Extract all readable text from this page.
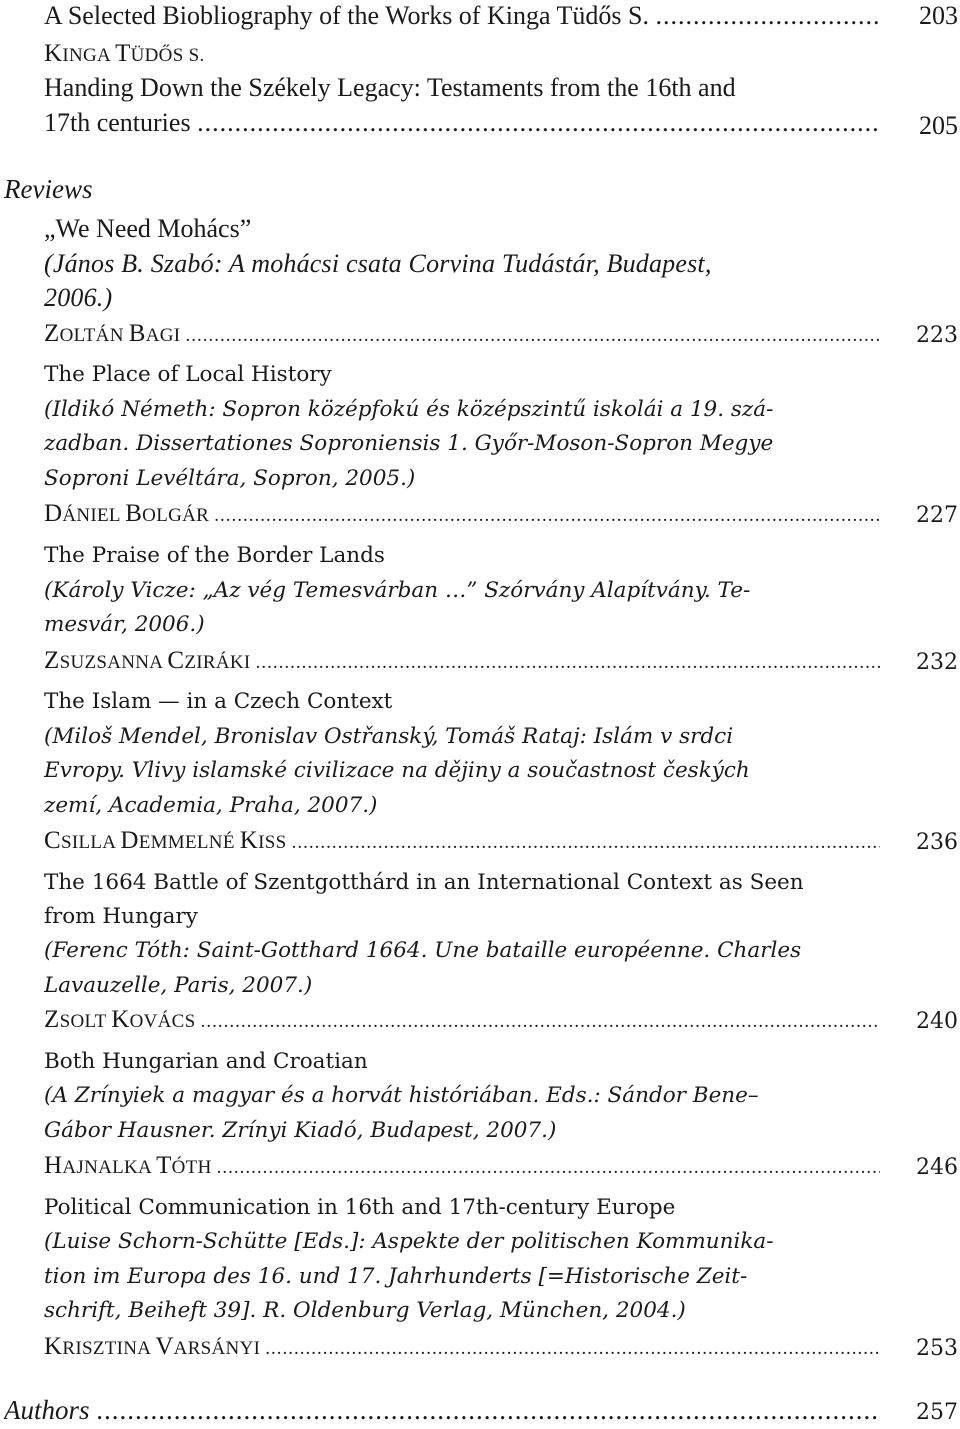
A Selected Biobliography of the Works of Kinga Tüdős S. .....	203
KINGA TÜDŐS S.
Handing Down the Székely Legacy: Testaments from the 16th and
17th centuries .....	205
Reviews
„We Need Mohács”
(János B. Szabó: A mohácsi csata Corvina Tudástár, Budapest,
2006.)
ZOLTÁN BAGI .....	223
The Place of Local History
(Ildikó Németh: Sopron középfokú és középszintű iskolái a 19. szá-
zadban. Dissertationes Soproniensis 1. Győr-Moson-Sopron Megye
Soproni Levéltára, Sopron, 2005.)
DÁNIEL BOLGÁR .....	227
The Praise of the Border Lands
(Károly Vicze: „Az vég Temesvárban …” Szórvány Alapítvány. Te-
mesvár, 2006.)
ZSUZSANNA CZIRÁKI .....	232
The Islam — in a Czech Context
(Miloš Mendel, Bronislav Ostřanský, Tomáš Rataj: Islám v srdci
Evropy. Vlivy islamské civilizace na dějiny a součastnost českých
zemí, Academia, Praha, 2007.)
CSILLA DEMMELNÉ KISS .....	236
The 1664 Battle of Szentgotthárd in an International Context as Seen
from Hungary
(Ferenc Tóth: Saint-Gotthard 1664. Une bataille européenne. Charles
Lavauzelle, Paris, 2007.)
ZSOLT KOVÁCS .....	240
Both Hungarian and Croatian
(A Zrínyiek a magyar és a horvát históriában. Eds.: Sándor Bene–
Gábor Hausner. Zrínyi Kiadó, Budapest, 2007.)
HAJNALKA TÓTH .....	246
Political Communication in 16th and 17th-century Europe
(Luise Schorn-Schütte [Eds.]: Aspekte der politischen Kommunika-
tion im Europa des 16. und 17. Jahrhunderts [=Historische Zeit-
schrift, Beiheft 39]. R. Oldenburg Verlag, München, 2004.)
KRISZTINA VARSÁNYI .....	253
Authors .....	257
